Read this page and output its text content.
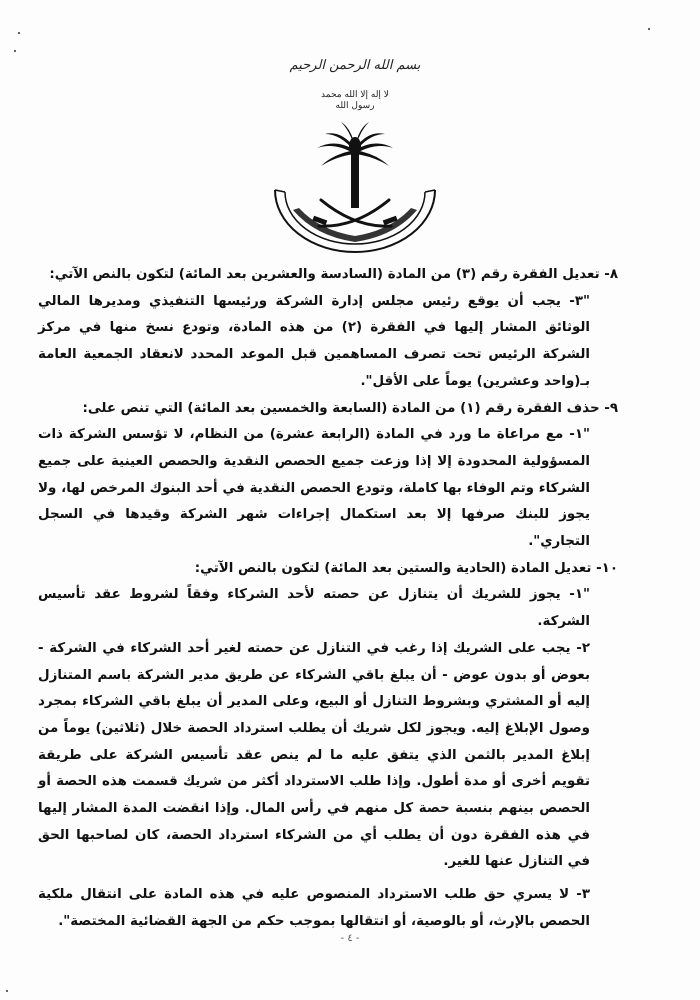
بسم الله الرحمن الرحيم
لا إله إلا الله محمد رسول الله
٨- تعديل الفقرة رقم (٣) من المادة (السادسة والعشرين بعد المائة) لتكون بالنص الآتي:
"٣- يجب أن يوقع رئيس مجلس إدارة الشركة ورئيسها التنفيذي ومديرها المالي الوثائق المشار إليها في الفقرة (٢) من هذه المادة، وتودع نسخ منها في مركز الشركة الرئيس تحت تصرف المساهمين قبل الموعد المحدد لانعقاد الجمعية العامة بـ(واحد وعشرين) يوماً على الأقل".
٩- حذف الفقرة رقم (١) من المادة (السابعة والخمسين بعد المائة) التي تنص على:
"١- مع مراعاة ما ورد في المادة (الرابعة عشرة) من النظام، لا تؤسس الشركة ذات المسؤولية المحدودة إلا إذا وزعت جميع الحصص النقدية والحصص العينية على جميع الشركاء وتم الوفاء بها كاملة، وتودع الحصص النقدية في أحد البنوك المرخص لها، ولا يجوز للبنك صرفها إلا بعد استكمال إجراءات شهر الشركة وقيدها في السجل التجاري".
١٠- تعديل المادة (الحادية والستين بعد المائة) لتكون بالنص الآتي:
"١- يجوز للشريك أن يتنازل عن حصته لأحد الشركاء وفقاً لشروط عقد تأسيس الشركة.
٢- يجب على الشريك إذا رغب في التنازل عن حصته لغير أحد الشركاء في الشركة - بعوض أو بدون عوض - أن يبلغ باقي الشركاء عن طريق مدير الشركة باسم المتنازل إليه أو المشتري وبشروط التنازل أو البيع، وعلى المدير أن يبلغ باقي الشركاء بمجرد وصول الإبلاغ إليه. ويجوز لكل شريك أن يطلب استرداد الحصة خلال (ثلاثين) يوماً من إبلاغ المدير بالثمن الذي يتفق عليه ما لم ينص عقد تأسيس الشركة على طريقة تقويم أخرى أو مدة أطول. وإذا طلب الاسترداد أكثر من شريك قسمت هذه الحصة أو الحصص بينهم بنسبة حصة كل منهم في رأس المال. وإذا انقضت المدة المشار إليها في هذه الفقرة دون أن يطلب أي من الشركاء استرداد الحصة، كان لصاحبها الحق في التنازل عنها للغير.
٣- لا يسري حق طلب الاسترداد المنصوص عليه في هذه المادة على انتقال ملكية الحصص بالإرث، أو بالوصية، أو انتقالها بموجب حكم من الجهة القضائية المختصة".
- ٤ -
